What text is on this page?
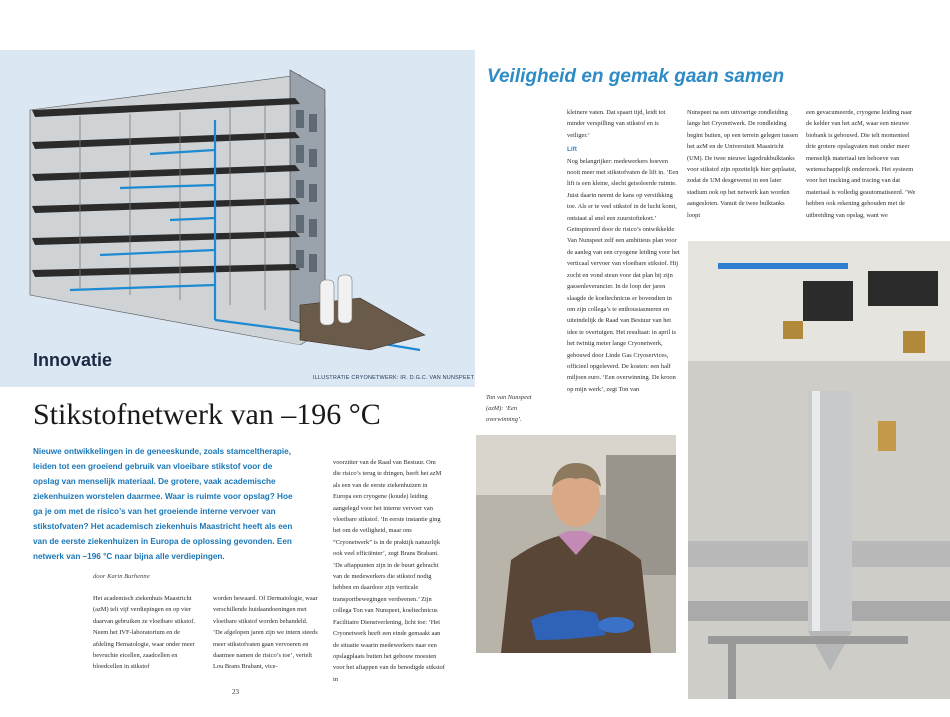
Innovatie
ILLUSTRATIE CRYONETWERK: IR. D.G.C. VAN NUNSPEET
Stikstofnetwerk van –196 °C
Nieuwe ontwikkelingen in de geneeskunde, zoals stamceltherapie, leiden tot een groeiend gebruik van vloeibare stikstof voor de opslag van menselijk materiaal. De grotere, vaak academische ziekenhuizen worstelen daarmee. Waar is ruimte voor opslag? Hoe ga je om met de risico’s van het groeiende interne vervoer van stikstofvaten? Het academisch ziekenhuis Maastricht heeft als een van de eerste ziekenhuizen in Europa de oplossing gevonden. Een netwerk van –196 °C naar bijna alle verdiepingen.
door Karin Burhenne
Het academisch ziekenhuis Maastricht (azM) telt vijf verdiepingen en op vier daarvan gebruiken ze vloeibare stikstof. Neem het IVF-laboratorium en de afdeling Hematologie, waar onder meer bevruchte eicellen, zaadcellen en bloedcellen in stikstof
worden bewaard. Of Dermatologie, waar verschillende huidaandoeningen met vloeibare stikstof worden behandeld. ‘De afgelopen jaren zijn we intern steeds meer stikstofvaten gaan vervoeren en daarmee namen de risico’s toe’, vertelt Lou Brans Brabant, vice-
voorzitter van de Raad van Bestuur. Om die risico’s terug te dringen, heeft het azM als een van de eerste ziekenhuizen in Europa een cryogene (koude) leiding aangelegd voor het interne vervoer van vloeibare stikstof. ‘In eerste instantie ging het om de veiligheid, maar ons “Cryonetwerk” is in de praktijk natuurlijk ook veel efficiënter’, zegt Brans Brabant. ‘De aftappunten zijn in de buurt gebracht van de medewerkers die stikstof nodig hebben en daardoor zijn verticale transportbewegingen verdwenen.’ Zijn collega Ton van Nunspeet, koeltechnicus Facilitaire Dienstverlening, licht toe: ‘Het Cryonetwerk heeft een einde gemaakt aan de situatie waarin medewerkers naar een opslagplaats buiten het gebouw moesten voor het aftappen van de benodigde stikstof in
23
Veiligheid en gemak gaan samen
kleinere vaten. Dat spaart tijd, leidt tot minder verspilling van stikstof en is veiliger.’
Lift
Nog belangrijker: medewerkers hoeven nooit meer met stikstofvaten de lift in. ‘Een lift is een kleine, slecht geisoleerde ruimte. Juist daarin neemt de kans op verstikking toe. Als er te veel stikstof in de lucht komt, ontstaat al snel een zuurstoftekort.’ Geïnspireerd door de risico’s ontwikkelde Van Nunspeet zelf een ambitieus plan voor de aanleg van een cryogene leiding voor het verticaal vervoer van vloeibare stikstof. Hij zocht en vond steun voor dat plan bij zijn gassenleverancier. In de loop der jaren slaagde de koeltechnicus er bovendien in om zijn collega’s te enthousiasmeren en uiteindelijk de Raad van Bestuur van het idee te overtuigen. Het resultaat: in april is het twintig meter lange Cryonetwerk, gebouwd door Linde Gas Cryoservices, officieel opgeleverd. De kosten: een half miljoen euro. ‘Een overwinning. De kroon op mijn werk’, zegt Ton van
Nunspeet na een uitvoerige rondleiding langs het Cryonetwerk. De rondleiding begint buiten, op een terrein gelegen tussen het azM en de Universiteit Maastricht (UM). De twee nieuwe lagedrukbulktanks voor stikstof zijn opzettelijk hier geplaatst, zodat de UM desgewenst in een later stadium ook op het netwerk kan worden aangesloten. Vanuit de twee bulktanks loopt
een gevacumeerde, cryogene leiding naar de kelder van het azM, waar een nieuwe biobank is gebouwd. Die telt momenteel drie grotere opslagvaten met onder meer menselijk materiaal ten behoeve van wetenschappelijk onderzoek. Het systeem voor het tracking and tracing van dat materiaal is volledig geautomatiseerd. ‘We hebben ook rekening gehouden met de uitbreiding van opslag, want we
Ton van Nunspeet (azM): ‘Een overwinning’.
